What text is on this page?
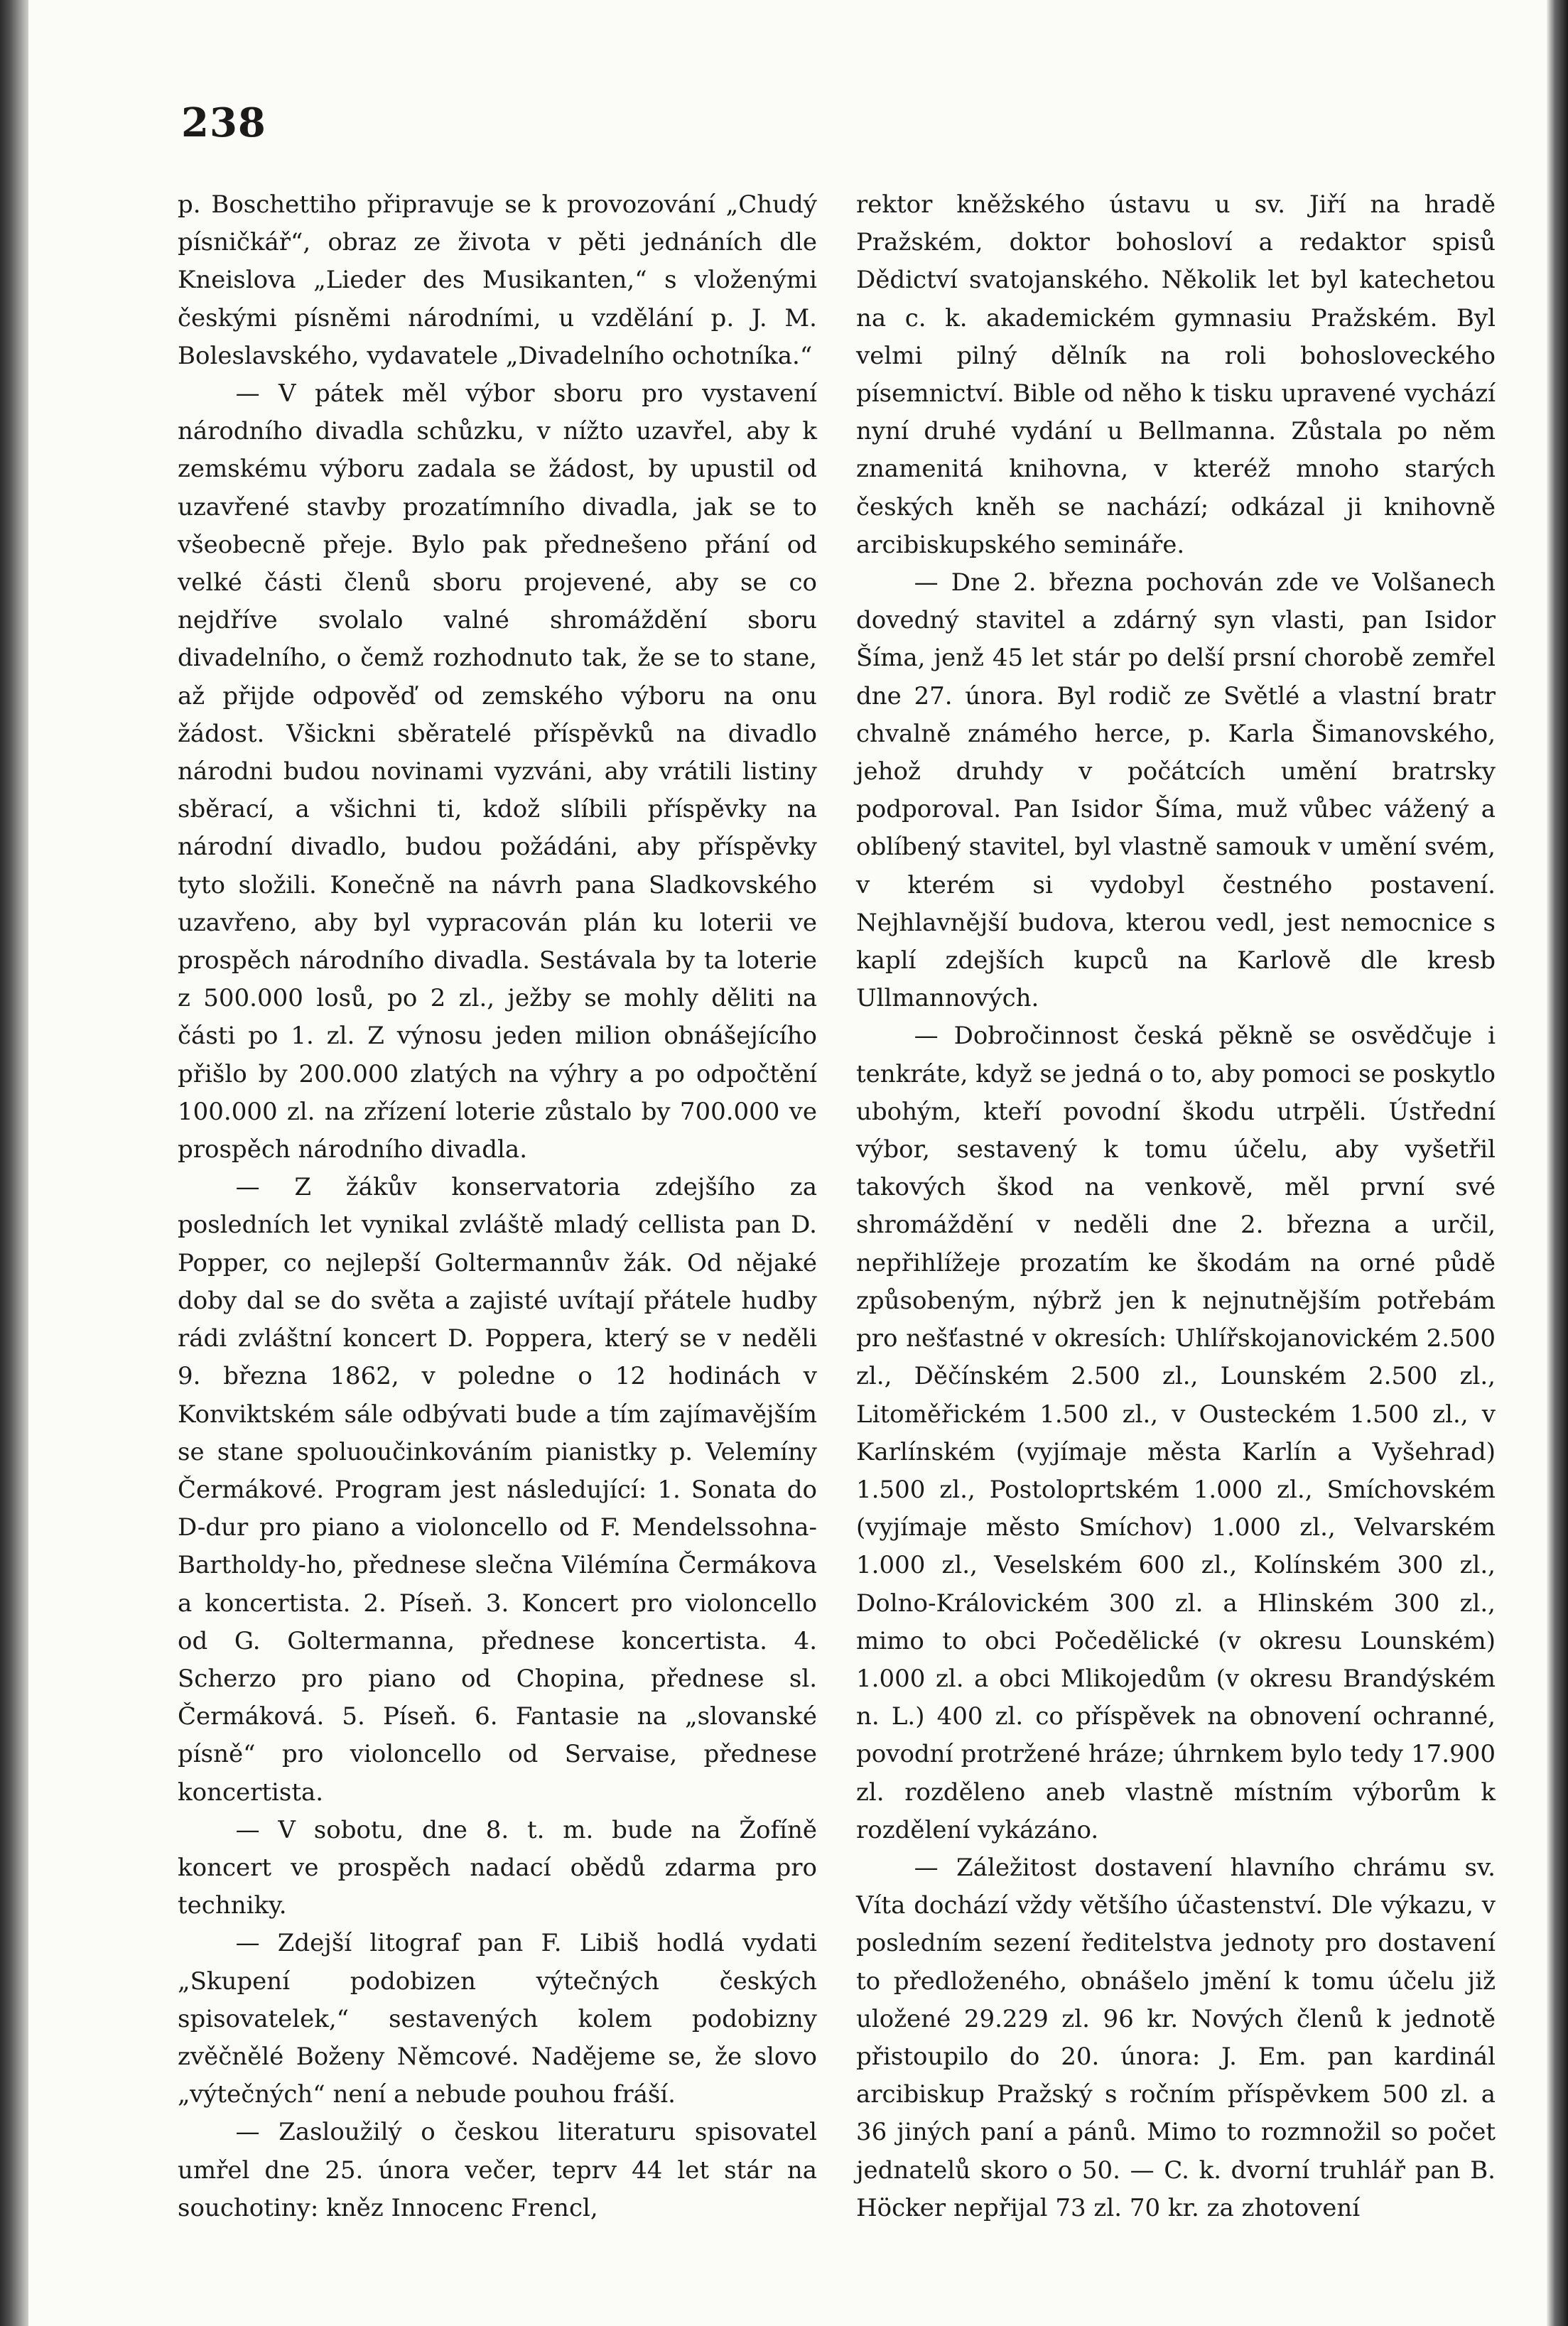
238

p. Boschettiho připravuje se k provozování „Chudý písničkář“, obraz ze života v pěti jednáních dle Kneislova „Lieder des Musikanten,“ s vloženými českými písněmi národními, u vzdělání p. J. M. Boleslavského, vydavatele „Divadelního ochotníka.“

— V pátek měl výbor sboru pro vystavení národního divadla schůzku, v nížto uzavřel, aby k zemskému výboru zadala se žádost, by upustil od uzavřené stavby prozatímního divadla, jak se to všeobecně přeje. Bylo pak přednešeno přání od velké části členů sboru projevené, aby se co nejdříve svolalo valné shromáždění sboru divadelního, o čemž rozhodnuto tak, že se to stane, až přijde odpověď od zemského výboru na onu žádost. Všickni sběratelé příspěvků na divadlo národni budou novinami vyzváni, aby vrátili listiny sběrací, a všichni ti, kdož slíbili příspěvky na národní divadlo, budou požádáni, aby příspěvky tyto složili. Konečně na návrh pana Sladkovského uzavřeno, aby byl vypracován plán ku loterii ve prospěch národního divadla. Sestávala by ta loterie z 500.000 losů, po 2 zl., ježby se mohly děliti na části po 1. zl. Z výnosu jeden milion obnášejícího přišlo by 200.000 zlatých na výhry a po odpočtění 100.000 zl. na zřízení loterie zůstalo by 700.000 ve prospěch národního divadla.

— Z žákův konservatoria zdejšího za posledních let vynikal zvláště mladý cellista pan D. Popper, co nejlepší Goltermannův žák. Od nějaké doby dal se do světa a zajisté uvítají přátele hudby rádi zvláštní koncert D. Poppera, který se v neděli 9. března 1862, v poledne o 12 hodinách v Konviktském sále odbývati bude a tím zajímavějším se stane spoluoučinkováním pianistky p. Velemíny Čermákové. Program jest následující: 1. Sonata do D-dur pro piano a violoncello od F. Mendelssohna-Bartholdy-ho, přednese slečna Vilémína Čermákova a koncertista. 2. Píseň. 3. Koncert pro violoncello od G. Goltermanna, přednese koncertista. 4. Scherzo pro piano od Chopina, přednese sl. Čermáková. 5. Píseň. 6. Fantasie na „slovanské písně“ pro violoncello od Servaise, přednese koncertista.

— V sobotu, dne 8. t. m. bude na Žofíně koncert ve prospěch nadací obědů zdarma pro techniky.

— Zdejší litograf pan F. Libiš hodlá vydati „Skupení podobizen výtečných českých spisovatelek,“ sestavených kolem podobizny zvěčnělé Boženy Němcové. Nadějeme se, že slovo „výtečných“ není a nebude pouhou fráší.

— Zasloužilý o českou literaturu spisovatel umřel dne 25. února večer, teprv 44 let stár na souchotiny: kněz Innocenc Frencl,

rektor kněžského ústavu u sv. Jiří na hradě Pražském, doktor bohosloví a redaktor spisů Dědictví svatojanského. Několik let byl katechetou na c. k. akademickém gymnasiu Pražském. Byl velmi pilný dělník na roli bohosloveckého písemnictví. Bible od něho k tisku upravené vychází nyní druhé vydání u Bellmanna. Zůstala po něm znamenitá knihovna, v kteréž mnoho starých českých kněh se nachází; odkázal ji knihovně arcibiskupského semináře.

— Dne 2. března pochován zde ve Volšanech dovedný stavitel a zdárný syn vlasti, pan Isidor Šíma, jenž 45 let stár po delší prsní chorobě zemřel dne 27. února. Byl rodič ze Světlé a vlastní bratr chvalně známého herce, p. Karla Šimanovského, jehož druhdy v počátcích umění bratrsky podporoval. Pan Isidor Šíma, muž vůbec vážený a oblíbený stavitel, byl vlastně samouk v umění svém, v kterém si vydobyl čestného postavení. Nejhlavnější budova, kterou vedl, jest nemocnice s kaplí zdejších kupců na Karlově dle kresb Ullmannových.

— Dobročinnost česká pěkně se osvědčuje i tenkráte, když se jedná o to, aby pomoci se poskytlo ubohým, kteří povodní škodu utrpěli. Ústřední výbor, sestavený k tomu účelu, aby vyšetřil takových škod na venkově, měl první své shromáždění v neděli dne 2. března a určil, nepřihlížeje prozatím ke škodám na orné půdě způsobeným, nýbrž jen k nejnutnějším potřebám pro nešťastné v okresích: Uhlířskojanovickém 2.500 zl., Děčínském 2.500 zl., Lounském 2.500 zl., Litoměřickém 1.500 zl., v Ousteckém 1.500 zl., v Karlínském (vyjímaje města Karlín a Vyšehrad) 1.500 zl., Postoloprtském 1.000 zl., Smíchovském (vyjímaje město Smíchov) 1.000 zl., Velvarském 1.000 zl., Veselském 600 zl., Kolínském 300 zl., Dolno-Královickém 300 zl. a Hlinském 300 zl., mimo to obci Počedělické (v okresu Lounském) 1.000 zl. a obci Mlikojedům (v okresu Brandýském n. L.) 400 zl. co příspěvek na obnovení ochranné, povodní protržené hráze; úhrnkem bylo tedy 17.900 zl. rozděleno aneb vlastně místním výborům k rozdělení vykázáno.

— Záležitost dostavení hlavního chrámu sv. Víta dochází vždy většího účastenství. Dle výkazu, v posledním sezení ředitelstva jednoty pro dostavení to předloženého, obnášelo jmění k tomu účelu již uložené 29.229 zl. 96 kr. Nových členů k jednotě přistoupilo do 20. února: J. Em. pan kardinál arcibiskup Pražský s ročním příspěvkem 500 zl. a 36 jiných paní a pánů. Mimo to rozmnožil so počet jednatelů skoro o 50. — C. k. dvorní truhlář pan B. Höcker nepřijal 73 zl. 70 kr. za zhotovení
